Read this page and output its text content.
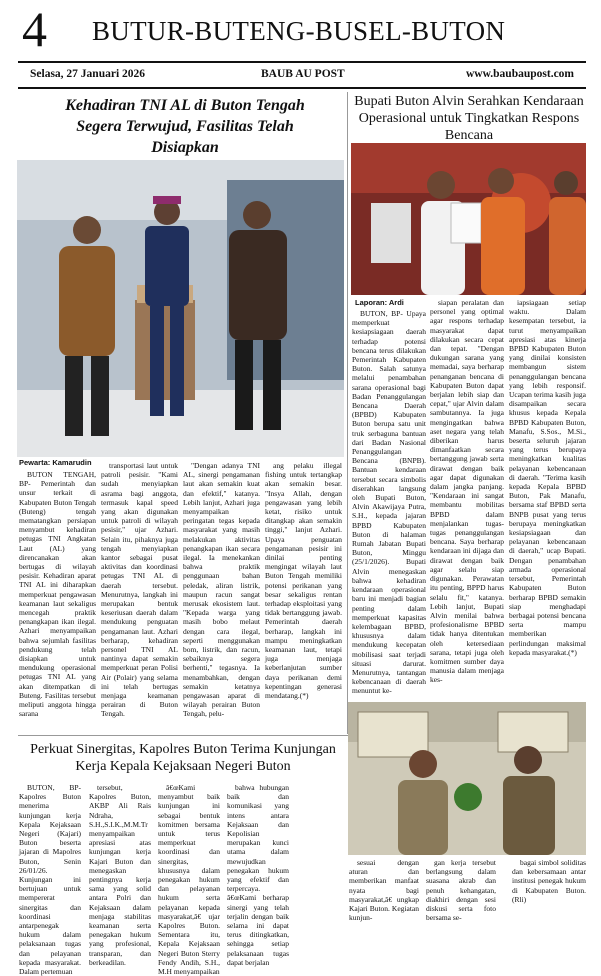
4 BUTUR-BUTENG-BUSEL-BUTON
Selasa, 27 Januari 2026	BAUB AU POST	www.baubaupost.com
Kehadiran TNI AL di Buton Tengah
Segera Terwujud, Fasilitas Telah
Disiapkan
Pewarta: Kamarudin

BUTON TENGAH, BP- Pemerintah dan unsur terkait di Kabupaten Buton Tengah (Buteng) tengah mematangkan persiapan menyambut kehadiran petugas TNI Angkatan Laut (AL) yang direncanakan akan bertugas di wilayah pesisir. Kehadiran aparat TNI AL ini diharapkan memperkuat pengawasan keamanan laut sekaligus mencegah praktik penangkapan ikan ilegal. Azhari menyampaikan bahwa sejumlah fasilitas pendukung telah disiapkan untuk mendukung operasional petugas TNI AL yang akan ditempatkan di Buteng. Fasilitas tersebut meliputi anggota hingga sarana

transportasi laut untuk patroli pesisir. "Kami sudah menyiapkan asrama bagi anggota, termasuk kapal speed yang akan digunakan untuk patroli di wilayah pesisir," ujar Azhari. Selain itu, pihaknya juga tengah menyiapkan kantor sebagai pusat aktivitas dan koordinasi petugas TNI AL di daerah tersebut. Menurutnya, langkah ini merupakan bentuk keseriusan daerah dalam mendukung penguatan pengamanan laut. Azhari berharap, kehadiran personel TNI AL nantinya dapat semakin memperkuat peran Polisi Air (Polair) yang selama ini telah bertugas menjaga keamanan perairan di Buton Tengah.

"Dengan adanya TNI AL, sinergi pengamanan laut akan semakin kuat dan efektif," katanya. Lebih lanjut, Azhari juga menyampaikan peringatan tegas kepada masyarakat yang masih melakukan aktivitas penangkapan ikan secara ilegal. Ia menekankan bahwa praktik penggunaan bahan peledak, aliran listrik, maupun racun sangat merusak ekosistem laut. "Kepada warga yang masih bobo melaut dengan cara ilegal, seperti menggunakan bom, listrik, dan racun, sebaiknya segera berhenti," tegasnya. Ia menambahkan, dengan semakin ketatnya pengawasan aparat di wilayah perairan Buton Tengah, pelu-

ang pelaku illegal fishing untuk tertangkap akan semakin besar. "Insya Allah, dengan pengawasan yang lebih ketat, risiko untuk ditangkap akan semakin tinggi," lanjut Azhari. Upaya penguatan pengamanan pesisir ini dinilai penting mengingat wilayah laut Buton Tengah memiliki potensi perikanan yang besar sekaligus rentan terhadap eksploitasi yang tidak bertanggung jawab. Pemerintah daerah berharap, langkah ini mampu meningkatkan keamanan laut, tetapi juga menjaga keberlanjutan sumber daya perikanan demi kepentingan generasi mendatang.(*)

Bupati Buton Alvin Serahkan Kendaraan
Operasional untuk Tingkatkan Respons
Bencana
Laporan: Ardi

BUTON, BP- Upaya memperkuat kesiapsiagaan daerah terhadap potensi bencana terus dilakukan Pemerintah Kabupaten Buton. Salah satunya melalui penambahan sarana operasional bagi Badan Penanggulangan Bencana Daerah (BPBD) Kabupaten Buton berupa satu unit truk serbaguna bantuan dari Badan Nasional Penanggulangan Bencana (BNPB). Bantuan kendaraan tersebut secara simbolis diserahkan langsung oleh Bupati Buton, Alvin Akawijaya Putra, S.H., kepada jajaran BPBD Kabupaten Buton di halaman Rumah Jabatan Bupati Buton, Minggu (25/1/2026). Bupati Alvin menegaskan bahwa kehadiran kendaraan operasional baru ini menjadi bagian penting dalam memperkuat kapasitas kelembagaan BPBD, khususnya dalam mendukung kecepatan mobilisasi saat terjadi situasi darurat. Menurutnya, tantangan kebencanaan di daerah menuntut ke-

siapan peralatan dan personel yang optimal agar respons terhadap masyarakat dapat dilakukan secara cepat dan tepat. "Dengan dukungan sarana yang memadai, saya berharap penanganan bencana di Kabupaten Buton dapat berjalan lebih siap dan cepat," ujar Alvin dalam sambutannya. Ia juga mengingatkan bahwa aset negara yang telah diberikan harus dimanfaatkan secara bertanggung jawab serta dirawat dengan baik agar dapat digunakan dalam jangka panjang. "Kendaraan ini sangat membantu mobilitas BPBD dalam menjalankan tugas-tugas penanggulangan bencana. Saya berharap kendaraan ini dijaga dan dirawat dengan baik agar selalu siap digunakan. Perawatan itu penting, BPPD harus selalu fit," katanya. Lebih lanjut, Bupati Alvin menilai bahwa profesionalisme BPBD tidak hanya ditentukan oleh ketersediaan sarana, tetapi juga oleh komitmen sumber daya manusia dalam menjaga kes-

iapsiagaan setiap waktu. Dalam kesempatan tersebut, ia turut menyampaikan apresiasi atas kinerja BPBD Kabupaten Buton yang dinilai konsisten membangun sistem penanggulangan bencana yang lebih responsif. Ucapan terima kasih juga disampaikan secara khusus kepada Kepala BPBD Kabupaten Buton, Manafu, S.Sos., M.Si., beserta seluruh jajaran yang terus berupaya meningkatkan kualitas pelayanan kebencanaan di daerah. "Terima kasih kepada Kepala BPBD Buton, Pak Manafu, bersama staf BPBD serta BNPB pusat yang terus berupaya meningkatkan kesiapsiagaan dan pelayanan kebencanaan di daerah," ucap Bupati. Dengan penambahan armada operasional tersebut, Pemerintah Kabupaten Buton berharap BPBD semakin siap menghadapi berbagai potensi bencana serta mampu memberikan perlindungan maksimal kepada masyarakat.(*)

Perkuat Sinergitas, Kapolres Buton Terima Kunjungan
Kerja Kepala Kejaksaan Negeri Buton

BUTON, BP-Kapolres Buton menerima kunjungan kerja Kepala Kejaksaan Negeri (Kajari) Buton beserta jajaran di Mapolres Buton, Senin 26/01/26. Kunjungan ini bertujuan untuk mempererat sinergitas dan koordinasi antarpenegak hukum dalam pelaksanaan tugas dan pelayanan kepada masyarakat. Dalam pertemuan

tersebut, Kapolres Buton, AKBP Ali Rais Ndraha, S.H.,S.I.K.,M.M.Tr menyampaikan apresiasi atas kunjungan kerja Kajari Buton dan menegaskan pentingnya kerja sama yang solid antara Polri dan Kejaksaan dalam menjaga stabilitas keamanan serta penegakan hukum yang profesional, transparan, dan berkeadilan.

â€œKami menyambut baik kunjungan ini sebagai bentuk komitmen bersama untuk terus memperkuat koordinasi dan sinergitas, khususnya dalam penegakan hukum dan pelayanan hukum serta pelayanan kepada masyarakat,â€ ujar Kapolres Buton. Sementara itu, Kepala Kejaksaan Negeri Buton Sterry Fendy Andih, S.H., M.H menyampaikan

bahwa hubungan baik dan komunikasi yang intens antara Kejaksaan dan Kepolisian merupakan kunci utama dalam mewujudkan penegakan hukum yang efektif dan terpercaya. â€œKami berharap sinergi yang telah terjalin dengan baik selama ini dapat terus ditingkatkan, sehingga setiap pelaksanaan tugas dapat berjalan

sesuai dengan aturan dan memberikan manfaat nyata bagi masyarakat,â€ ungkap Kajari Buton. Kegiatan kunjun-

gan kerja tersebut berlangsung dalam suasana akrab dan penuh kehangatan, diakhiri dengan sesi diskusi serta foto bersama se-

bagai simbol soliditas dan kebersamaan antar institusi penegak hukum di Kabupaten Buton.(Rli)
